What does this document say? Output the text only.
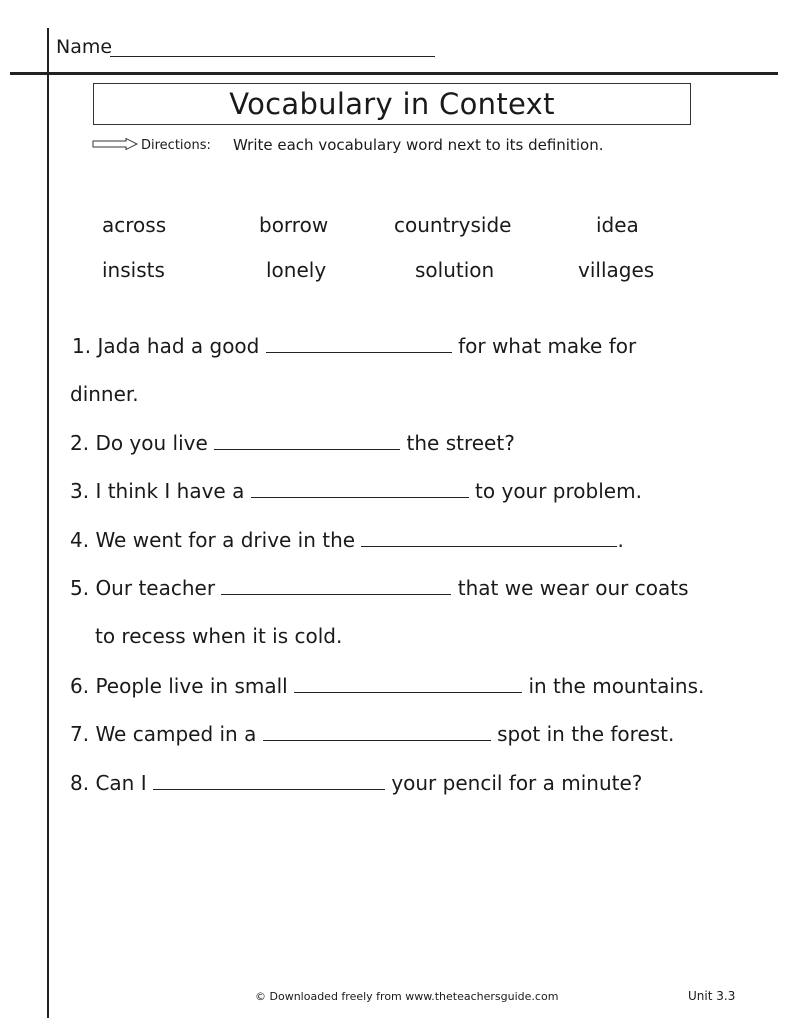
Name
Vocabulary in Context
Directions: Write each vocabulary word next to its definition.
across	borrow	countryside	idea
insists	lonely	solution	villages
1. Jada had a good	for what make for
dinner.
2. Do you live	the street?
3. I think I have a	to your problem.
4. We went for a drive in the	.
5. Our teacher	that we wear our coats
to recess when it is cold.
6. People live in small	in the mountains.
7. We camped in a	spot in the forest.
8. Can I	your pencil for a minute?
© Downloaded freely from www.theteachersguide.com	Unit 3.3
